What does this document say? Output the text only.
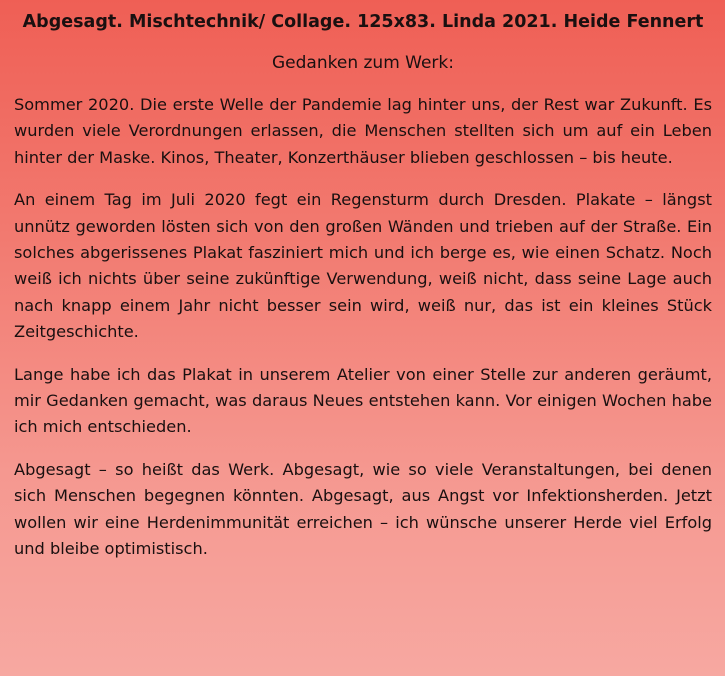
Abgesagt. Mischtechnik/ Collage. 125x83. Linda 2021. Heide Fennert

Gedanken zum Werk:

Sommer 2020. Die erste Welle der Pandemie lag hinter uns, der Rest war Zukunft. Es wurden viele Verordnungen erlassen, die Menschen stellten sich um auf ein Leben hinter der Maske. Kinos, Theater, Konzerthäuser blieben geschlossen – bis heute.

An einem Tag im Juli 2020 fegt ein Regensturm durch Dresden. Plakate – längst unnütz geworden lösten sich von den großen Wänden und trieben auf der Straße. Ein solches abgerissenes Plakat fasziniert mich und ich berge es, wie einen Schatz. Noch weiß ich nichts über seine zukünftige Verwendung, weiß nicht, dass seine Lage auch nach knapp einem Jahr nicht besser sein wird, weiß nur, das ist ein kleines Stück Zeitgeschichte.

Lange habe ich das Plakat in unserem Atelier von einer Stelle zur anderen geräumt, mir Gedanken gemacht, was daraus Neues entstehen kann. Vor einigen Wochen habe ich mich entschieden.

Abgesagt – so heißt das Werk. Abgesagt, wie so viele Veranstaltungen, bei denen sich Menschen begegnen könnten. Abgesagt, aus Angst vor Infektionsherden. Jetzt wollen wir eine Herdenimmunität erreichen – ich wünsche unserer Herde viel Erfolg und bleibe optimistisch.
